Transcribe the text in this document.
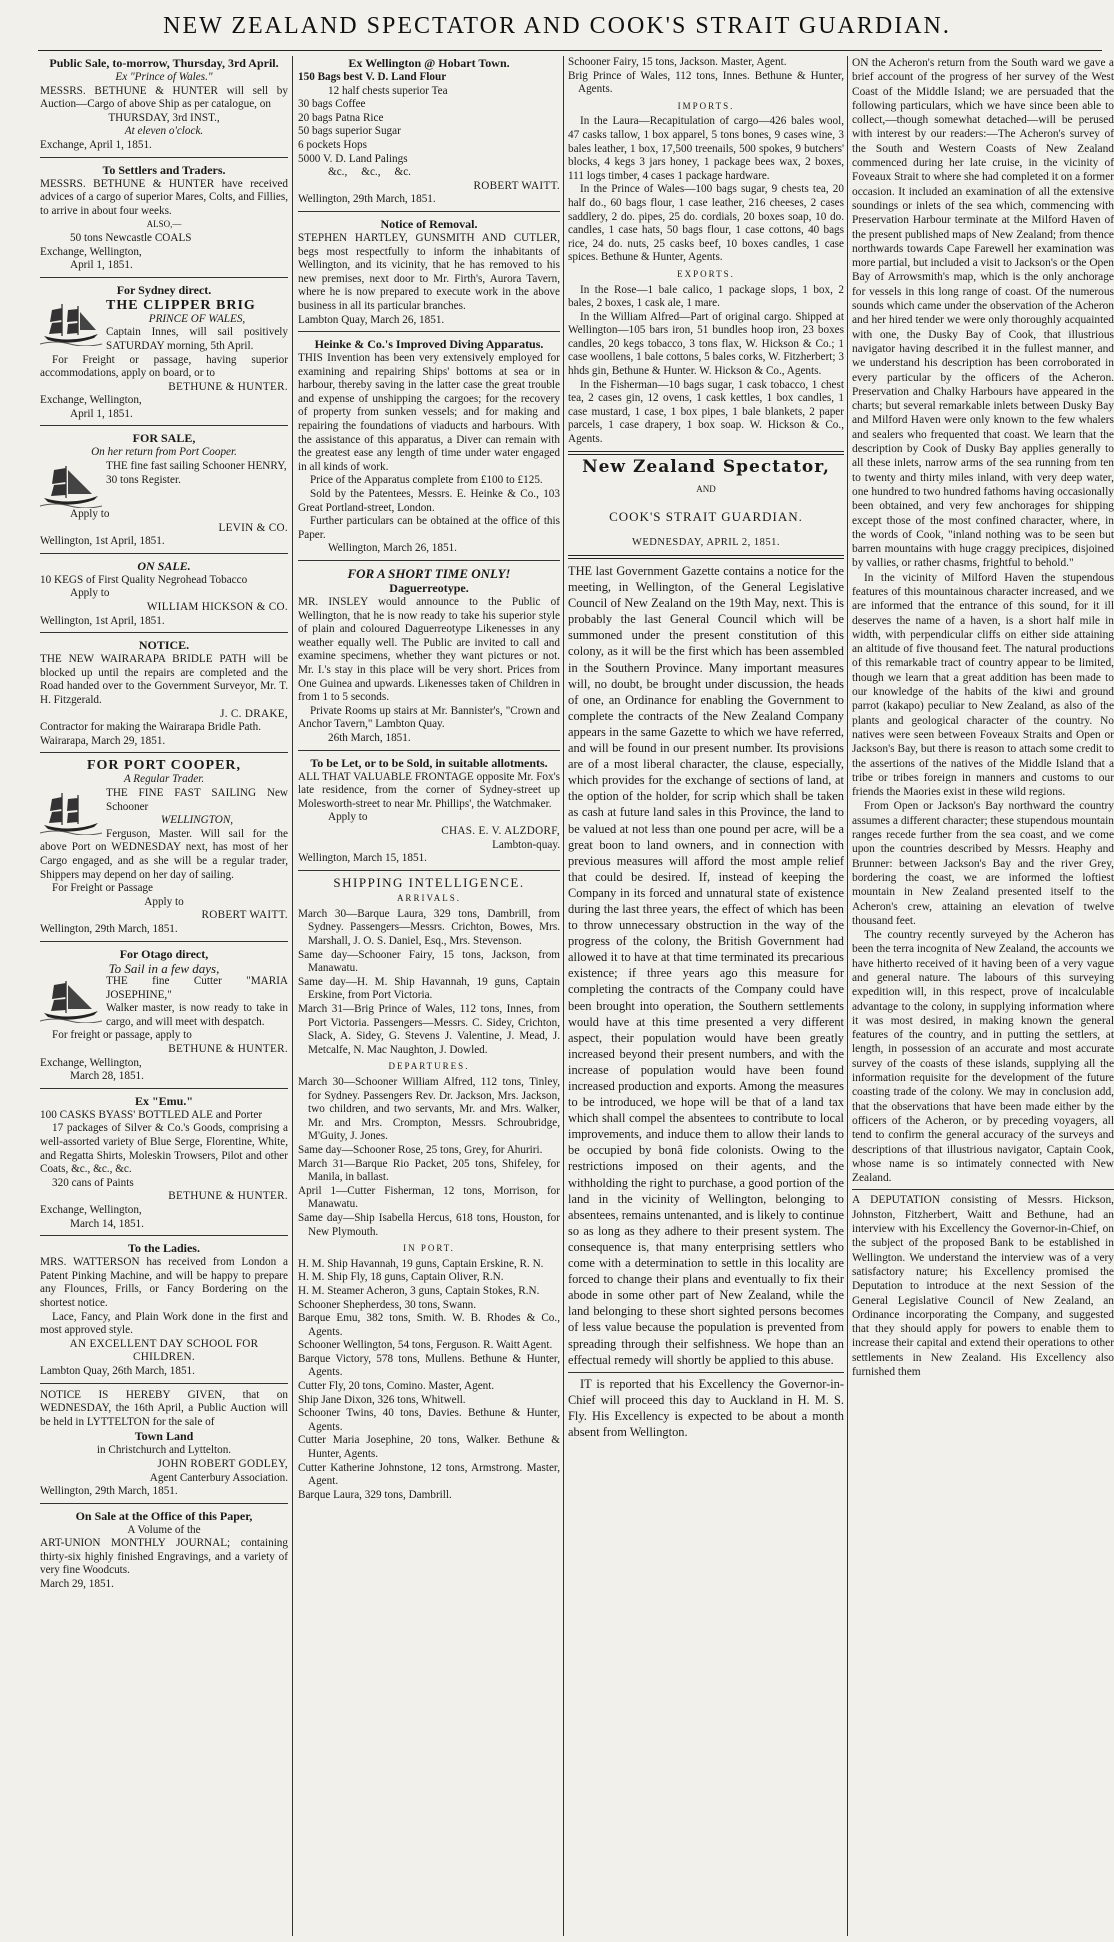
NEW ZEALAND SPECTATOR AND COOK'S STRAIT GUARDIAN.

Public Sale, to-morrow, Thursday, 3rd April.

Ex "Prince of Wales."

MESSRS. BETHUNE & HUNTER will sell by Auction—Cargo of above Ship as per catalogue, on

THURSDAY, 3rd INST.,

At eleven o'clock.

Exchange, April 1, 1851.

To Settlers and Traders.

MESSRS. BETHUNE & HUNTER have received advices of a cargo of superior Mares, Colts, and Fillies, to arrive in about four weeks.

ALSO,—

50 tons Newcastle COALS

Exchange, Wellington,

April 1, 1851.

For Sydney direct.

THE CLIPPER BRIG

PRINCE OF WALES,

Captain Innes, will sail positively SATURDAY morning, 5th April.

For Freight or passage, having superior accommodations, apply on board, or to

BETHUNE & HUNTER.

Exchange, Wellington,

April 1, 1851.

FOR SALE,

On her return from Port Cooper.

THE fine fast sailing Schooner HENRY,

30 tons Register.

Apply to

LEVIN & CO.

Wellington, 1st April, 1851.

ON SALE.

10 KEGS of First Quality Negrohead Tobacco

Apply to

WILLIAM HICKSON & CO.

Wellington, 1st April, 1851.

NOTICE.

THE NEW WAIRARAPA BRIDLE PATH will be blocked up until the repairs are completed and the Road handed over to the Government Surveyor, Mr. T. H. Fitzgerald.

J. C. DRAKE,

Contractor for making the Wairarapa Bridle Path.

Wairarapa, March 29, 1851.

FOR PORT COOPER,

A Regular Trader.

THE FINE FAST SAILING New Schooner

WELLINGTON,

Ferguson, Master. Will sail for the above Port on WEDNESDAY next, has most of her Cargo engaged, and as she will be a regular trader, Shippers may depend on her day of sailing.

For Freight or Passage

Apply to

ROBERT WAITT.

Wellington, 29th March, 1851.

For Otago direct,

To Sail in a few days,

THE fine Cutter "MARIA JOSEPHINE,"

Walker master, is now ready to take in cargo, and will meet with despatch.

For freight or passage, apply to

BETHUNE & HUNTER.

Exchange, Wellington,

March 28, 1851.

Ex "Emu."

100 CASKS BYASS' BOTTLED ALE and Porter

17 packages of Silver & Co.'s Goods, comprising a well-assorted variety of Blue Serge, Florentine, White, and Regatta Shirts, Moleskin Trowsers, Pilot and other Coats, &c., &c., &c.

320 cans of Paints

BETHUNE & HUNTER.

Exchange, Wellington,

March 14, 1851.

To the Ladies.

MRS. WATTERSON has received from London a Patent Pinking Machine, and will be happy to prepare any Flounces, Frills, or Fancy Bordering on the shortest notice.

Lace, Fancy, and Plain Work done in the first and most approved style.

AN EXCELLENT DAY SCHOOL FOR CHILDREN.

Lambton Quay, 26th March, 1851.

NOTICE IS HEREBY GIVEN, that on WEDNESDAY, the 16th April, a Public Auction will be held in LYTTELTON for the sale of

Town Land

in Christchurch and Lyttelton.

JOHN ROBERT GODLEY,

Agent Canterbury Association.

Wellington, 29th March, 1851.

On Sale at the Office of this Paper,

A Volume of the

ART-UNION MONTHLY JOURNAL; containing thirty-six highly finished Engravings, and a variety of very fine Woodcuts.

March 29, 1851.

Ex Wellington @ Hobart Town.

150 Bags best V. D. Land Flour

12 half chests superior Tea

30 bags Coffee

20 bags Patna Rice

50 bags superior Sugar

6 pockets Hops

5000 V. D. Land Palings

&c.,     &c.,     &c.

ROBERT WAITT.

Wellington, 29th March, 1851.

Notice of Removal.

STEPHEN HARTLEY, GUNSMITH AND CUTLER, begs most respectfully to inform the inhabitants of Wellington, and its vicinity, that he has removed to his new premises, next door to Mr. Firth's, Aurora Tavern, where he is now prepared to execute work in the above business in all its particular branches.

Lambton Quay, March 26, 1851.

Heinke & Co.'s Improved Diving Apparatus.

THIS Invention has been very extensively employed for examining and repairing Ships' bottoms at sea or in harbour, thereby saving in the latter case the great trouble and expense of unshipping the cargoes; for the recovery of property from sunken vessels; and for making and repairing the foundations of viaducts and harbours. With the assistance of this apparatus, a Diver can remain with the greatest ease any length of time under water engaged in all kinds of work.

Price of the Apparatus complete from £100 to £125.

Sold by the Patentees, Messrs. E. Heinke & Co., 103 Great Portland-street, London.

Further particulars can be obtained at the office of this Paper.

Wellington, March 26, 1851.

FOR A SHORT TIME ONLY!

Daguerreotype.

MR. INSLEY would announce to the Public of Wellington, that he is now ready to take his superior style of plain and coloured Daguerreotype Likenesses in any weather equally well. The Public are invited to call and examine specimens, whether they want pictures or not. Mr. I.'s stay in this place will be very short. Prices from One Guinea and upwards. Likenesses taken of Children in from 1 to 5 seconds.

Private Rooms up stairs at Mr. Bannister's, "Crown and Anchor Tavern," Lambton Quay.

26th March, 1851.

To be Let, or to be Sold, in suitable allotments.

ALL THAT VALUABLE FRONTAGE opposite Mr. Fox's late residence, from the corner of Sydney-street up Molesworth-street to near Mr. Phillips', the Watchmaker.

Apply to

CHAS. E. V. ALZDORF,

Lambton-quay.

Wellington, March 15, 1851.

SHIPPING INTELLIGENCE.

ARRIVALS.

March 30—Barque Laura, 329 tons, Dambrill, from Sydney. Passengers—Messrs. Crichton, Bowes, Mrs. Marshall, J. O. S. Daniel, Esq., Mrs. Stevenson.

Same day—Schooner Fairy, 15 tons, Jackson, from Manawatu.

Same day—H. M. Ship Havannah, 19 guns, Captain Erskine, from Port Victoria.

March 31—Brig Prince of Wales, 112 tons, Innes, from Port Victoria. Passengers—Messrs. C. Sidey, Crichton, Slack, A. Sidey, G. Stevens J. Valentine, J. Mead, J. Metcalfe, N. Mac Naughton, J. Dowled.

DEPARTURES.

March 30—Schooner William Alfred, 112 tons, Tinley, for Sydney. Passengers Rev. Dr. Jackson, Mrs. Jackson, two children, and two servants, Mr. and Mrs. Walker, Mr. and Mrs. Crompton, Messrs. Schroubridge, M'Guity, J. Jones.

Same day—Schooner Rose, 25 tons, Grey, for Ahuriri.

March 31—Barque Rio Packet, 205 tons, Shifeley, for Manila, in ballast.

April 1—Cutter Fisherman, 12 tons, Morrison, for Manawatu.

Same day—Ship Isabella Hercus, 618 tons, Houston, for New Plymouth.

IN PORT.

H. M. Ship Havannah, 19 guns, Captain Erskine, R. N.

H. M. Ship Fly, 18 guns, Captain Oliver, R.N.

H. M. Steamer Acheron, 3 guns, Captain Stokes, R.N.

Schooner Shepherdess, 30 tons, Swann.

Barque Emu, 382 tons, Smith. W. B. Rhodes & Co., Agents.

Schooner Wellington, 54 tons, Ferguson. R. Waitt Agent.

Barque Victory, 578 tons, Mullens. Bethune & Hunter, Agents.

Cutter Fly, 20 tons, Comino. Master, Agent.

Ship Jane Dixon, 326 tons, Whitwell.

Schooner Twins, 40 tons, Davies. Bethune & Hunter, Agents.

Cutter Maria Josephine, 20 tons, Walker. Bethune & Hunter, Agents.

Cutter Katherine Johnstone, 12 tons, Armstrong. Master, Agent.

Barque Laura, 329 tons, Dambrill.

Schooner Fairy, 15 tons, Jackson. Master, Agent.

Brig Prince of Wales, 112 tons, Innes. Bethune & Hunter, Agents.

IMPORTS.

In the Laura—Recapitulation of cargo—426 bales wool, 47 casks tallow, 1 box apparel, 5 tons bones, 9 cases wine, 3 bales leather, 1 box, 17,500 treenails, 500 spokes, 9 butchers' blocks, 4 kegs 3 jars honey, 1 package bees wax, 2 boxes, 111 logs timber, 4 cases 1 package hardware.

In the Prince of Wales—100 bags sugar, 9 chests tea, 20 half do., 60 bags flour, 1 case leather, 216 cheeses, 2 cases saddlery, 2 do. pipes, 25 do. cordials, 20 boxes soap, 10 do. candles, 1 case hats, 50 bags flour, 1 case cottons, 40 bags rice, 24 do. nuts, 25 casks beef, 10 boxes candles, 1 case spices. Bethune & Hunter, Agents.

EXPORTS.

In the Rose—1 bale calico, 1 package slops, 1 box, 2 bales, 2 boxes, 1 cask ale, 1 mare.

In the William Alfred—Part of original cargo. Shipped at Wellington—105 bars iron, 51 bundles hoop iron, 23 boxes candles, 20 kegs tobacco, 3 tons flax, W. Hickson & Co.; 1 case woollens, 1 bale cottons, 5 bales corks, W. Fitzherbert; 3 hhds gin, Bethune & Hunter. W. Hickson & Co., Agents.

In the Fisherman—10 bags sugar, 1 cask tobacco, 1 chest tea, 2 cases gin, 12 ovens, 1 cask kettles, 1 box candles, 1 case mustard, 1 case, 1 box pipes, 1 bale blankets, 2 paper parcels, 1 case drapery, 1 box soap. W. Hickson & Co., Agents.

New Zealand Spectator,

AND

COOK'S STRAIT GUARDIAN.

WEDNESDAY, APRIL 2, 1851.

THE last Government Gazette contains a notice for the meeting, in Wellington, of the General Legislative Council of New Zealand on the 19th May, next. This is probably the last General Council which will be summoned under the present constitution of this colony, as it will be the first which has been assembled in the Southern Province. Many important measures will, no doubt, be brought under discussion, the heads of one, an Ordinance for enabling the Government to complete the contracts of the New Zealand Company appears in the same Gazette to which we have referred, and will be found in our present number. Its provisions are of a most liberal character, the clause, especially, which provides for the exchange of sections of land, at the option of the holder, for scrip which shall be taken as cash at future land sales in this Province, the land to be valued at not less than one pound per acre, will be a great boon to land owners, and in connection with previous measures will afford the most ample relief that could be desired. If, instead of keeping the Company in its forced and unnatural state of existence during the last three years, the effect of which has been to throw unnecessary obstruction in the way of the progress of the colony, the British Government had allowed it to have at that time terminated its precarious existence; if three years ago this measure for completing the contracts of the Company could have been brought into operation, the Southern settlements would have at this time presented a very different aspect, their population would have been greatly increased beyond their present numbers, and with the increase of population would have been found increased production and exports. Among the measures to be introduced, we hope will be that of a land tax which shall compel the absentees to contribute to local improvements, and induce them to allow their lands to be occupied by bonâ fide colonists. Owing to the restrictions imposed on their agents, and the withholding the right to purchase, a good portion of the land in the vicinity of Wellington, belonging to absentees, remains untenanted, and is likely to continue so as long as they adhere to their present system. The consequence is, that many enterprising settlers who come with a determination to settle in this locality are forced to change their plans and eventually to fix their abode in some other part of New Zealand, while the land belonging to these short sighted persons becomes of less value because the population is prevented from spreading through their selfishness. We hope than an effectual remedy will shortly be applied to this abuse.

IT is reported that his Excellency the Governor-in-Chief will proceed this day to Auckland in H. M. S. Fly. His Excellency is expected to be about a month absent from Wellington.

ON the Acheron's return from the South ward we gave a brief account of the progress of her survey of the West Coast of the Middle Island; we are persuaded that the following particulars, which we have since been able to collect,—though somewhat detached—will be perused with interest by our readers:—The Acheron's survey of the South and Western Coasts of New Zealand commenced during her late cruise, in the vicinity of Foveaux Strait to where she had completed it on a former occasion. It included an examination of all the extensive soundings or inlets of the sea which, commencing with Preservation Harbour terminate at the Milford Haven of the present published maps of New Zealand; from thence northwards towards Cape Farewell her examination was more partial, but included a visit to Jackson's or the Open Bay of Arrowsmith's map, which is the only anchorage for vessels in this long range of coast. Of the numerous sounds which came under the observation of the Acheron and her hired tender we were only thoroughly acquainted with one, the Dusky Bay of Cook, that illustrious navigator having described it in the fullest manner, and we understand his description has been corroborated in every particular by the officers of the Acheron. Preservation and Chalky Harbours have appeared in the charts; but several remarkable inlets between Dusky Bay and Milford Haven were only known to the few whalers and sealers who frequented that coast. We learn that the description by Cook of Dusky Bay applies generally to all these inlets, narrow arms of the sea running from ten to twenty and thirty miles inland, with very deep water, one hundred to two hundred fathoms having occasionally been obtained, and very few anchorages for shipping except those of the most confined character, where, in the words of Cook, "inland nothing was to be seen but barren mountains with huge craggy precipices, disjoined by vallies, or rather chasms, frightful to behold."

In the vicinity of Milford Haven the stupendous features of this mountainous character increased, and we are informed that the entrance of this sound, for it ill deserves the name of a haven, is a short half mile in width, with perpendicular cliffs on either side attaining an altitude of five thousand feet. The natural productions of this remarkable tract of country appear to be limited, though we learn that a great addition has been made to our knowledge of the habits of the kiwi and ground parrot (kakapo) peculiar to New Zealand, as also of the plants and geological character of the country. No natives were seen between Foveaux Straits and Open or Jackson's Bay, but there is reason to attach some credit to the assertions of the natives of the Middle Island that a tribe or tribes foreign in manners and customs to our friends the Maories exist in these wild regions.

From Open or Jackson's Bay northward the country assumes a different character; these stupendous mountain ranges recede further from the sea coast, and we come upon the countries described by Messrs. Heaphy and Brunner: between Jackson's Bay and the river Grey, bordering the coast, we are informed the loftiest mountain in New Zealand presented itself to the Acheron's crew, attaining an elevation of twelve thousand feet.

The country recently surveyed by the Acheron has been the terra incognita of New Zealand, the accounts we have hitherto received of it having been of a very vague and general nature. The labours of this surveying expedition will, in this respect, prove of incalculable advantage to the colony, in supplying information where it was most desired, in making known the general features of the country, and in putting the settlers, at length, in possession of an accurate and most accurate survey of the coasts of these islands, supplying all the information requisite for the development of the future coasting trade of the colony. We may in conclusion add, that the observations that have been made either by the officers of the Acheron, or by preceding voyagers, all tend to confirm the general accuracy of the surveys and descriptions of that illustrious navigator, Captain Cook, whose name is so intimately connected with New Zealand.

A DEPUTATION consisting of Messrs. Hickson, Johnston, Fitzherbert, Waitt and Bethune, had an interview with his Excellency the Governor-in-Chief, on the subject of the proposed Bank to be established in Wellington. We understand the interview was of a very satisfactory nature; his Excellency promised the Deputation to introduce at the next Session of the General Legislative Council of New Zealand, an Ordinance incorporating the Company, and suggested that they should apply for powers to enable them to increase their capital and extend their operations to other settlements in New Zealand. His Excellency also furnished them
